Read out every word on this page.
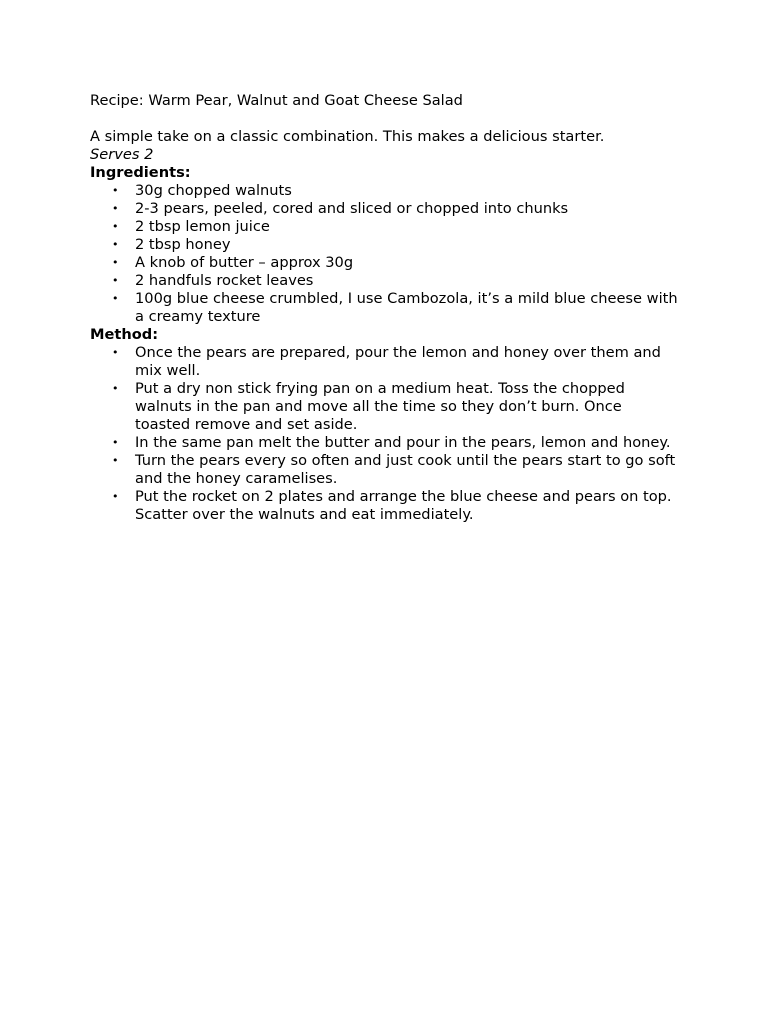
Recipe: Warm Pear, Walnut and Goat Cheese Salad

A simple take on a classic combination. This makes a delicious starter.

Serves 2

Ingredients:

• 30g chopped walnuts
• 2-3 pears, peeled, cored and sliced or chopped into chunks
• 2 tbsp lemon juice
• 2 tbsp honey
• A knob of butter – approx 30g
• 2 handfuls rocket leaves
• 100g blue cheese crumbled, I use Cambozola, it’s a mild blue cheese with a creamy texture

Method:

• Once the pears are prepared, pour the lemon and honey over them and mix well.
• Put a dry non stick frying pan on a medium heat. Toss the chopped walnuts in the pan and move all the time so they don’t burn. Once toasted remove and set aside.
• In the same pan melt the butter and pour in the pears, lemon and honey.
• Turn the pears every so often and just cook until the pears start to go soft and the honey caramelises.
• Put the rocket on 2 plates and arrange the blue cheese and pears on top. Scatter over the walnuts and eat immediately.
